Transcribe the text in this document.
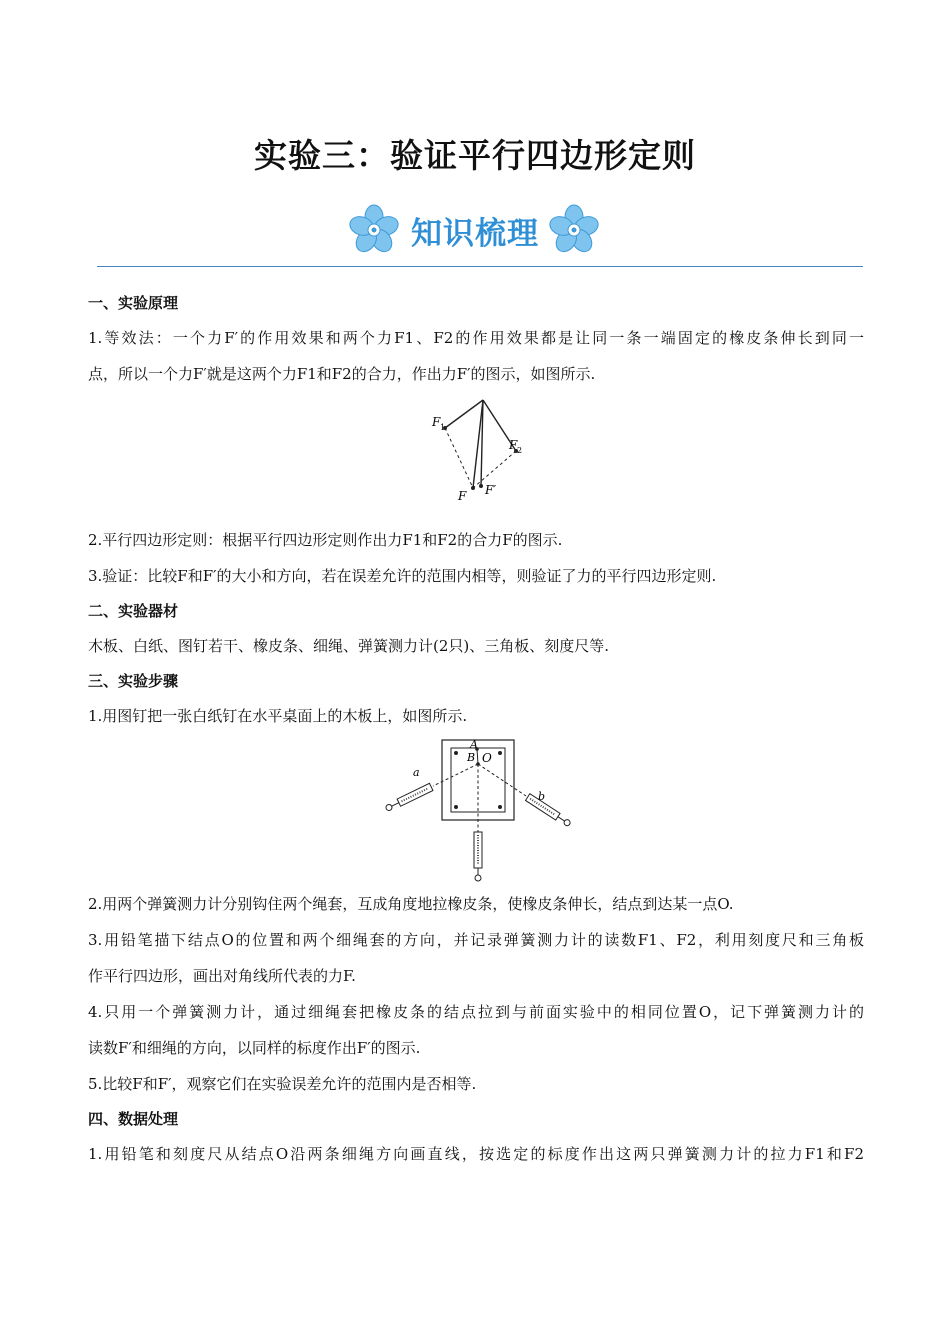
实验三：验证平行四边形定则
知识梳理

一、实验原理

1.等效法：一个力F′的作用效果和两个力F1、F2的作用效果都是让同一条一端固定的橡皮条伸长到同一

点，所以一个力F′就是这两个力F1和F2的合力，作出力F′的图示，如图所示.

F 1
F 2
F F′

2.平行四边形定则：根据平行四边形定则作出力F1和F2的合力F的图示.

3.验证：比较F和F′的大小和方向，若在误差允许的范围内相等，则验证了力的平行四边形定则.

二、实验器材

木板、白纸、图钉若干、橡皮条、细绳、弹簧测力计(2只)、三角板、刻度尺等.

三、实验步骤

1.用图钉把一张白纸钉在水平桌面上的木板上，如图所示.

A
B O
a
b

2.用两个弹簧测力计分别钩住两个绳套，互成角度地拉橡皮条，使橡皮条伸长，结点到达某一点O.

3.用铅笔描下结点O的位置和两个细绳套的方向，并记录弹簧测力计的读数F1、F2，利用刻度尺和三角板

作平行四边形，画出对角线所代表的力F.

4.只用一个弹簧测力计，通过细绳套把橡皮条的结点拉到与前面实验中的相同位置O，记下弹簧测力计的

读数F′和细绳的方向，以同样的标度作出F′的图示.

5.比较F和F′，观察它们在实验误差允许的范围内是否相等.

四、数据处理

1.用铅笔和刻度尺从结点O沿两条细绳方向画直线，按选定的标度作出这两只弹簧测力计的拉力F1和F2
